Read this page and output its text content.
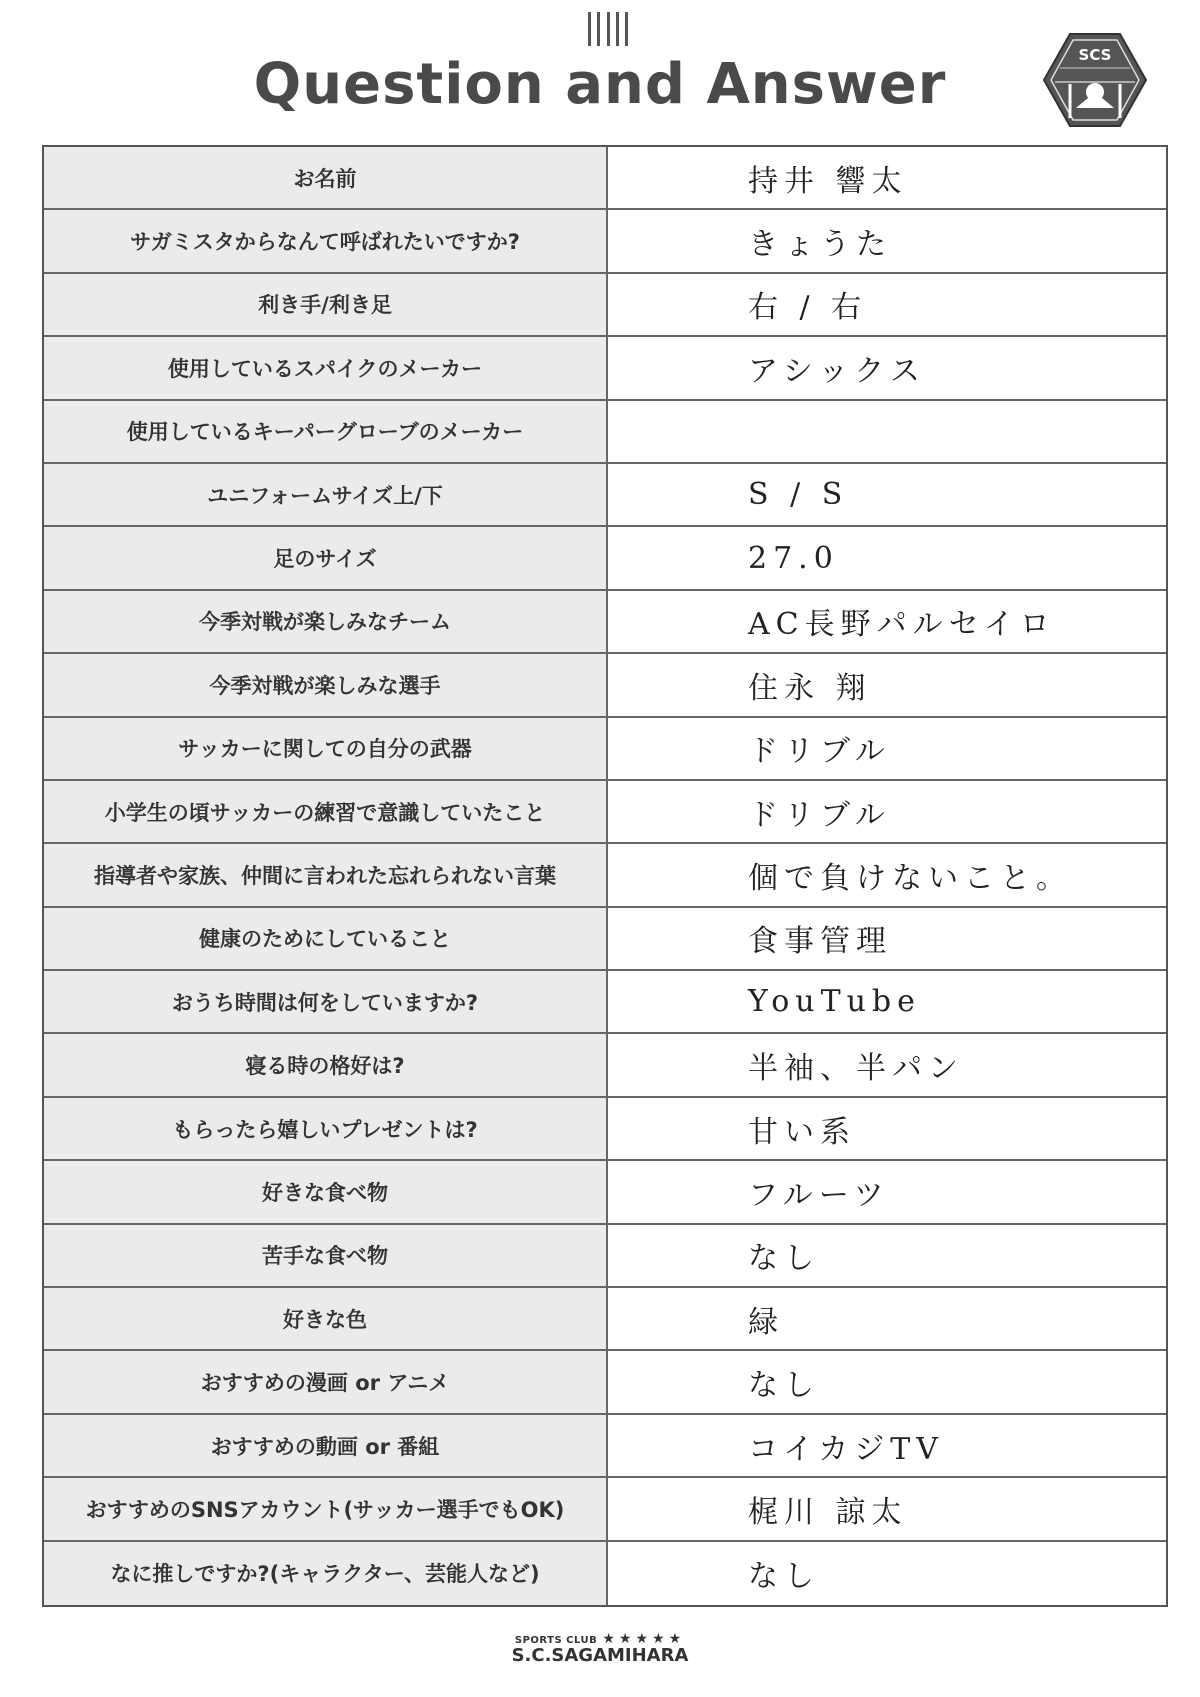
Question and Answer	SCS
お名前	持井 響太
サガミスタからなんて呼ばれたいですか?	きょうた
利き手/利き足	右 / 右
使用しているスパイクのメーカー	アシックス
使用しているキーパーグローブのメーカー
ユニフォームサイズ上/下	S / S
足のサイズ	27.0
今季対戦が楽しみなチーム	AC長野パルセイロ
今季対戦が楽しみな選手	住永 翔
サッカーに関しての自分の武器	ドリブル
小学生の頃サッカーの練習で意識していたこと	ドリブル
指導者や家族、仲間に言われた忘れられない言葉	個で負けないこと。
健康のためにしていること	食事管理
おうち時間は何をしていますか?	YouTube
寝る時の格好は?	半袖、半パン
もらったら嬉しいプレゼントは?	甘い系
好きな食べ物	フルーツ
苦手な食べ物	なし
好きな色	緑
おすすめの漫画 or アニメ	なし
おすすめの動画 or 番組	コイカジTV
おすすめのSNSアカウント(サッカー選手でもOK)	梶川 諒太
なに推しですか?(キャラクター、芸能人など)	なし
SPORTS CLUB ★★★★★
S.C.SAGAMIHARA
